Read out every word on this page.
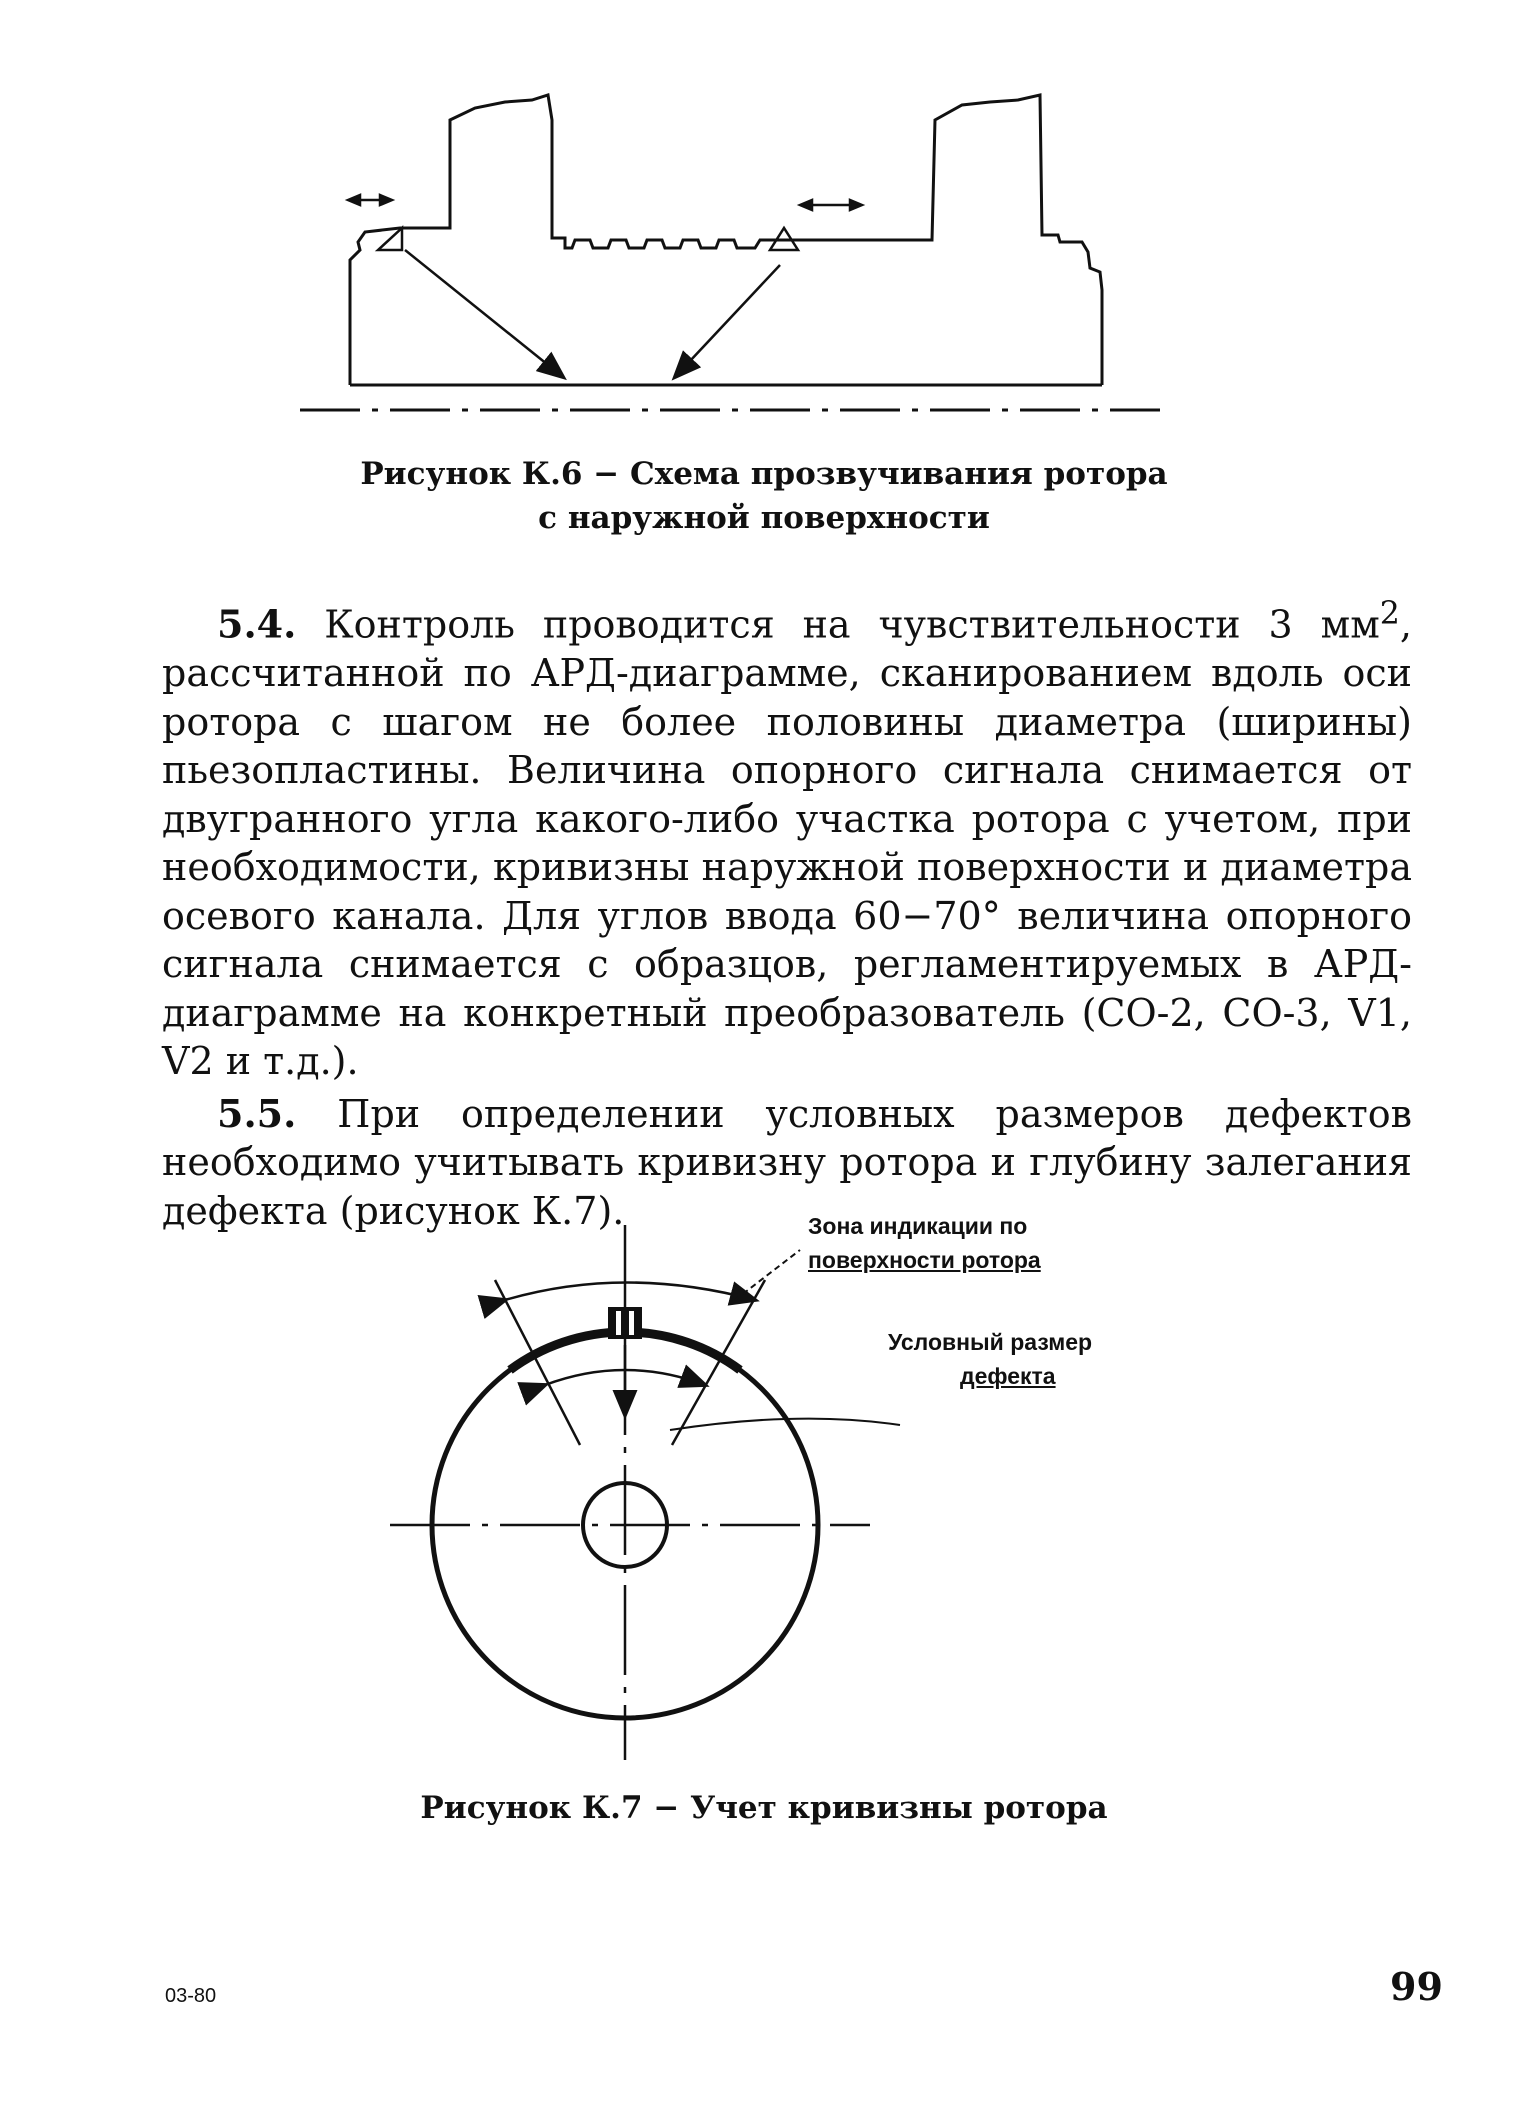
Рисунок К.6 − Схема прозвучивания ротора
с наружной поверхности

5.4. Контроль проводится на чувствительности 3 $мм^2$, рассчитанной по АРД-диаграмме, сканированием вдоль оси ротора с шагом не более половины диаметра (ширины) пьезопластины. Величина опорного сигнала снимается от двугранного угла какого-либо участка ротора с учетом, при необходимости, кривизны наружной поверхности и диаметра осевого канала. Для углов ввода 60−70° величина опорного сигнала снимается с образцов, регламентируемых в АРД-диаграмме на конкретный преобразователь (СО-2, СО-3, V1, V2 и т.д.).

5.5. При определении условных размеров дефектов необходимо учитывать кривизну ротора и глубину залегания дефекта (рисунок К.7).	Зона индикации по
поверхности ротора
Условный размер
дефекта
Рисунок К.7 − Учет кривизны ротора
03-80	99
